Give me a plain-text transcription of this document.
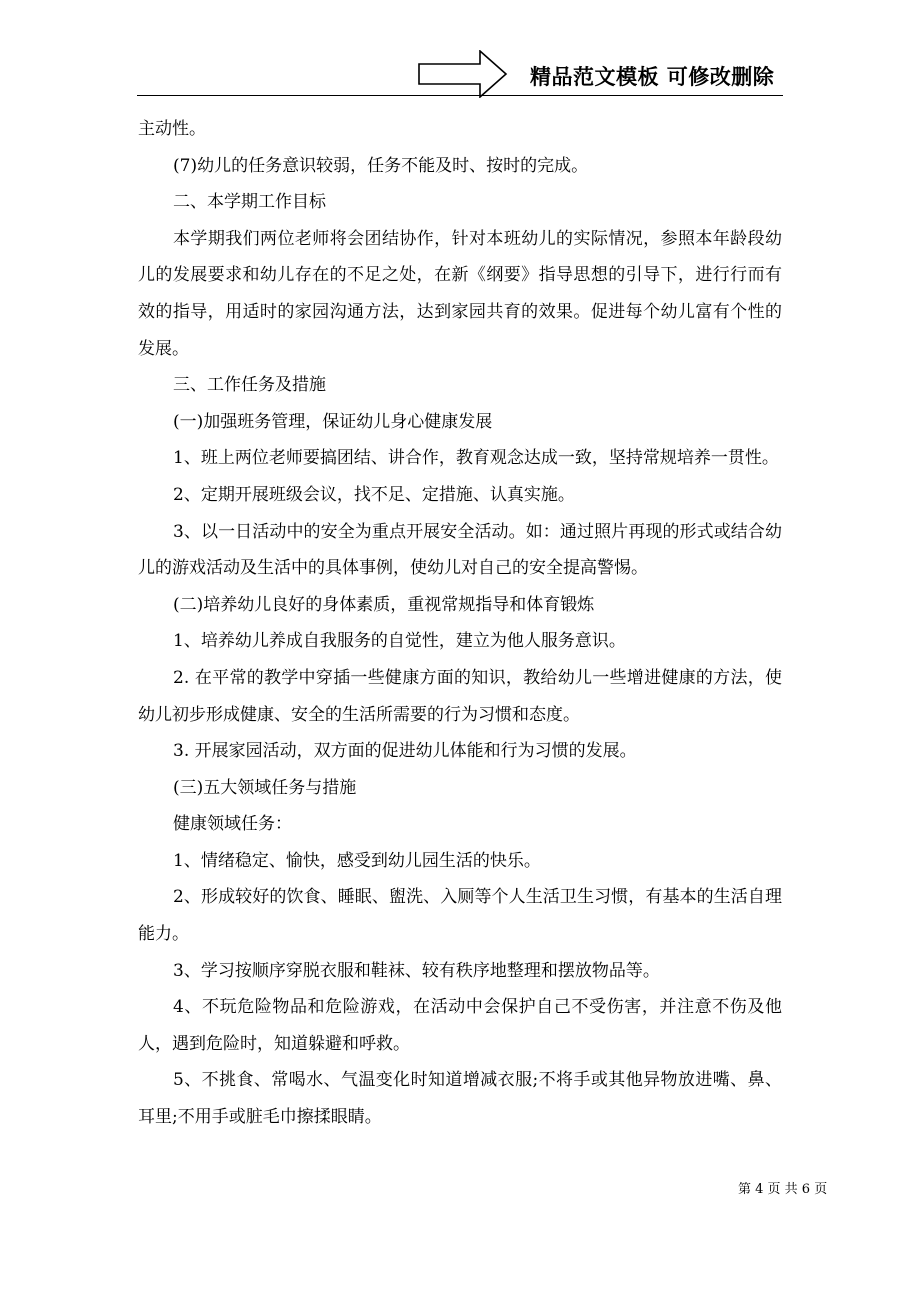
精品范文模板 可修改删除

主动性。

(7)幼儿的任务意识较弱，任务不能及时、按时的完成。

二、本学期工作目标

本学期我们两位老师将会团结协作，针对本班幼儿的实际情况，参照本年龄段幼儿的发展要求和幼儿存在的不足之处，在新《纲要》指导思想的引导下，进行行而有效的指导，用适时的家园沟通方法，达到家园共育的效果。促进每个幼儿富有个性的发展。

三、工作任务及措施

(一)加强班务管理，保证幼儿身心健康发展

1、班上两位老师要搞团结、讲合作，教育观念达成一致，坚持常规培养一贯性。

2、定期开展班级会议，找不足、定措施、认真实施。

3、以一日活动中的安全为重点开展安全活动。如：通过照片再现的形式或结合幼儿的游戏活动及生活中的具体事例，使幼儿对自己的安全提高警惕。

(二)培养幼儿良好的身体素质，重视常规指导和体育锻炼

1、培养幼儿养成自我服务的自觉性，建立为他人服务意识。

2. 在平常的教学中穿插一些健康方面的知识，教给幼儿一些增进健康的方法，使幼儿初步形成健康、安全的生活所需要的行为习惯和态度。

3. 开展家园活动，双方面的促进幼儿体能和行为习惯的发展。

(三)五大领域任务与措施

健康领域任务：

1、情绪稳定、愉快，感受到幼儿园生活的快乐。

2、形成较好的饮食、睡眠、盥洗、入厕等个人生活卫生习惯，有基本的生活自理能力。

3、学习按顺序穿脱衣服和鞋袜、较有秩序地整理和摆放物品等。

4、不玩危险物品和危险游戏，在活动中会保护自己不受伤害，并注意不伤及他人，遇到危险时，知道躲避和呼救。

5、不挑食、常喝水、气温变化时知道增减衣服;不将手或其他异物放进嘴、鼻、耳里;不用手或脏毛巾擦揉眼睛。

第 4 页 共 6 页
